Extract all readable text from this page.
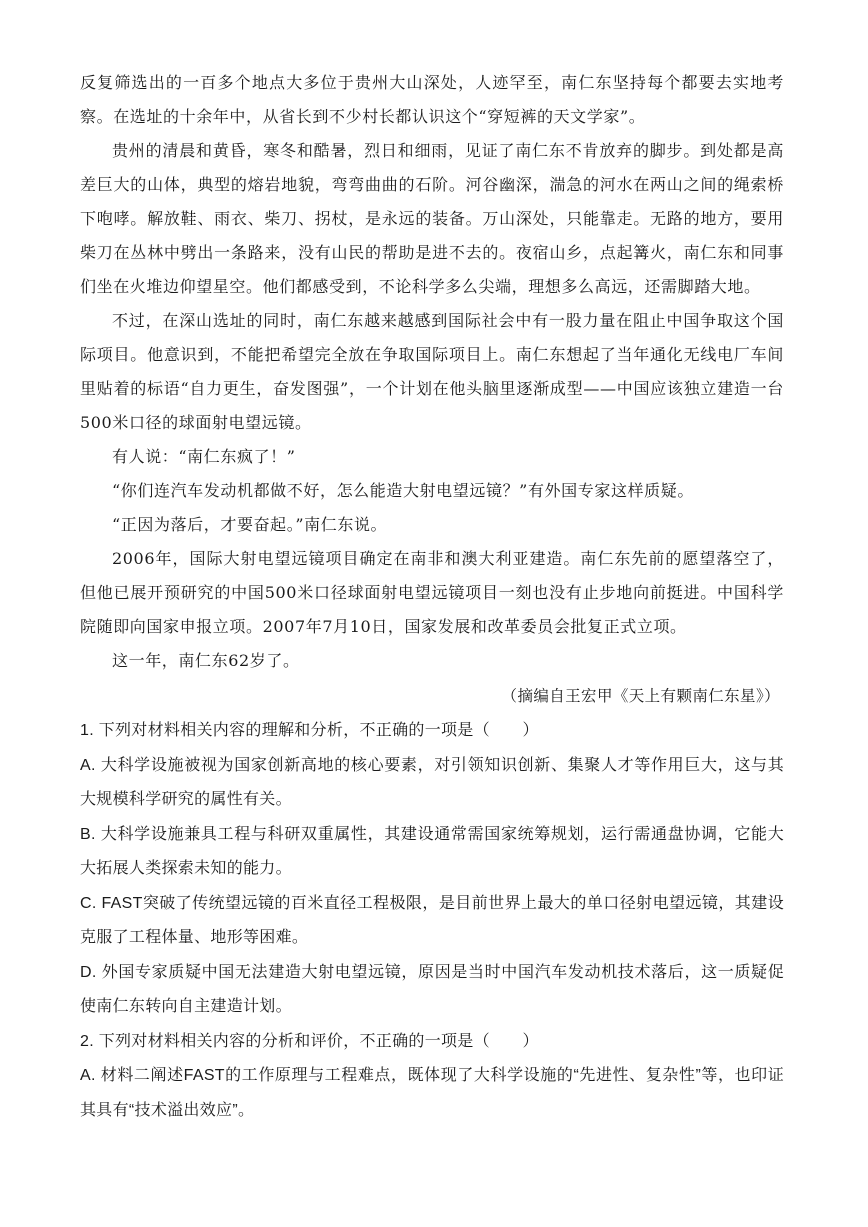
反复筛选出的一百多个地点大多位于贵州大山深处，人迹罕至，南仁东坚持每个都要去实地考察。在选址的十余年中，从省长到不少村长都认识这个“穿短裤的天文学家”。

贵州的清晨和黄昏，寒冬和酷暑，烈日和细雨，见证了南仁东不肯放弃的脚步。到处都是高差巨大的山体，典型的熔岩地貌，弯弯曲曲的石阶。河谷幽深，湍急的河水在两山之间的绳索桥下咆哮。解放鞋、雨衣、柴刀、拐杖，是永远的装备。万山深处，只能靠走。无路的地方，要用柴刀在丛林中劈出一条路来，没有山民的帮助是进不去的。夜宿山乡，点起篝火，南仁东和同事们坐在火堆边仰望星空。他们都感受到，不论科学多么尖端，理想多么高远，还需脚踏大地。

不过，在深山选址的同时，南仁东越来越感到国际社会中有一股力量在阻止中国争取这个国际项目。他意识到，不能把希望完全放在争取国际项目上。南仁东想起了当年通化无线电厂车间里贴着的标语“自力更生，奋发图强”，一个计划在他头脑里逐渐成型——中国应该独立建造一台500米口径的球面射电望远镜。

有人说：“南仁东疯了！”

“你们连汽车发动机都做不好，怎么能造大射电望远镜？”有外国专家这样质疑。

“正因为落后，才要奋起。”南仁东说。

2006年，国际大射电望远镜项目确定在南非和澳大利亚建造。南仁东先前的愿望落空了，但他已展开预研究的中国500米口径球面射电望远镜项目一刻也没有止步地向前挺进。中国科学院随即向国家申报立项。2007年7月10日，国家发展和改革委员会批复正式立项。

这一年，南仁东62岁了。

（摘编自王宏甲《天上有颗南仁东星》）

1. 下列对材料相关内容的理解和分析，不正确的一项是（　　）

A. 大科学设施被视为国家创新高地的核心要素，对引领知识创新、集聚人才等作用巨大，这与其大规模科学研究的属性有关。

B. 大科学设施兼具工程与科研双重属性，其建设通常需国家统筹规划，运行需通盘协调，它能大大拓展人类探索未知的能力。

C. FAST突破了传统望远镜的百米直径工程极限，是目前世界上最大的单口径射电望远镜，其建设克服了工程体量、地形等困难。

D. 外国专家质疑中国无法建造大射电望远镜，原因是当时中国汽车发动机技术落后，这一质疑促使南仁东转向自主建造计划。

2. 下列对材料相关内容的分析和评价，不正确的一项是（　　）

A. 材料二阐述FAST的工作原理与工程难点，既体现了大科学设施的“先进性、复杂性”等，也印证其具有“技术溢出效应”。
